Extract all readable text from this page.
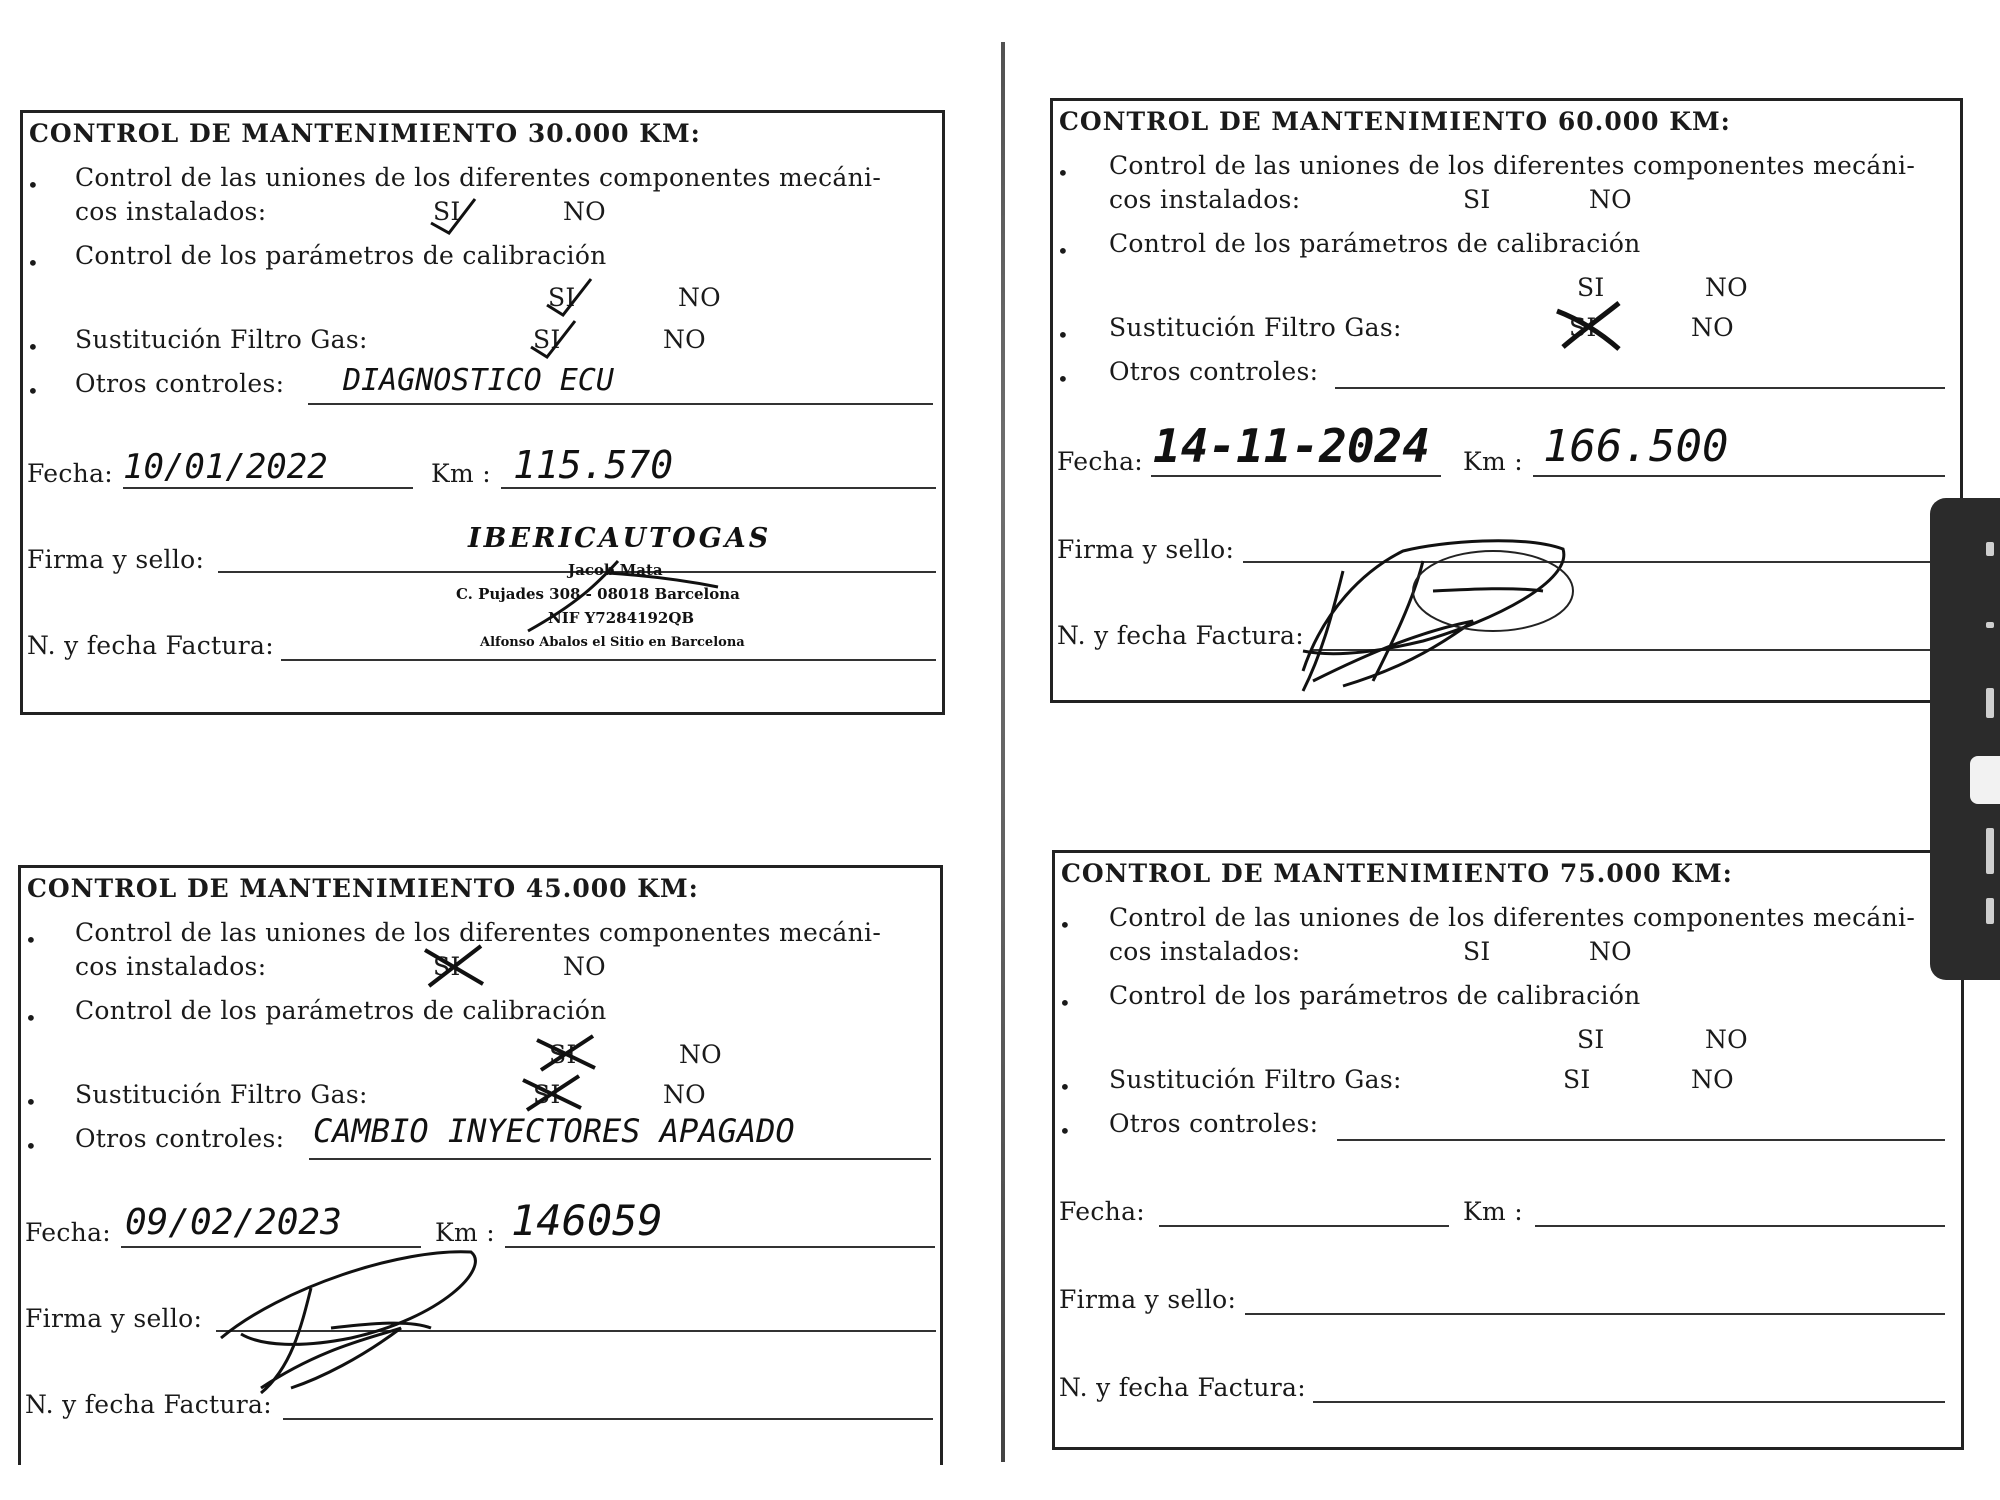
CONTROL DE MANTENIMIENTO 30.000 KM:
• Control de las uniones de los diferentes componentes mecáni-
cos instalados:	SI	NO
• Control de los parámetros de calibración
SI	NO
• Sustitución Filtro Gas:	SI	NO
• Otros controles: DIAGNOSTICO ECU
Fecha: 10/01/2022	Km : 115.570
Firma y sello:
N. y fecha Factura:
IBERICAUTOGAS
Jacob Mata
C. Pujades 308 - 08018 Barcelona
NIF Y7284192QB
Alfonso Abalos el Sitio en Barcelona
CONTROL DE MANTENIMIENTO 45.000 KM:
• Control de las uniones de los diferentes componentes mecáni-
cos instalados:	SI	NO
• Control de los parámetros de calibración
SI	NO
• Sustitución Filtro Gas:	SI	NO
• Otros controles: CAMBIO INYECTORES APAGADO
Fecha: 09/02/2023	Km : 146059
Firma y sello:
N. y fecha Factura:
CONTROL DE MANTENIMIENTO 60.000 KM:
• Control de las uniones de los diferentes componentes mecáni-
cos instalados:	SI	NO
• Control de los parámetros de calibración
SI	NO
• Sustitución Filtro Gas:	SI	NO
• Otros controles:
Fecha: 14-11-2024 Km : 166.500
Firma y sello:
N. y fecha Factura:
CONTROL DE MANTENIMIENTO 75.000 KM:
• Control de las uniones de los diferentes componentes mecáni-
cos instalados:	SI	NO
• Control de los parámetros de calibración
SI	NO
• Sustitución Filtro Gas:	SI	NO
• Otros controles:
Fecha:	Km :
Firma y sello:
N. y fecha Factura:
